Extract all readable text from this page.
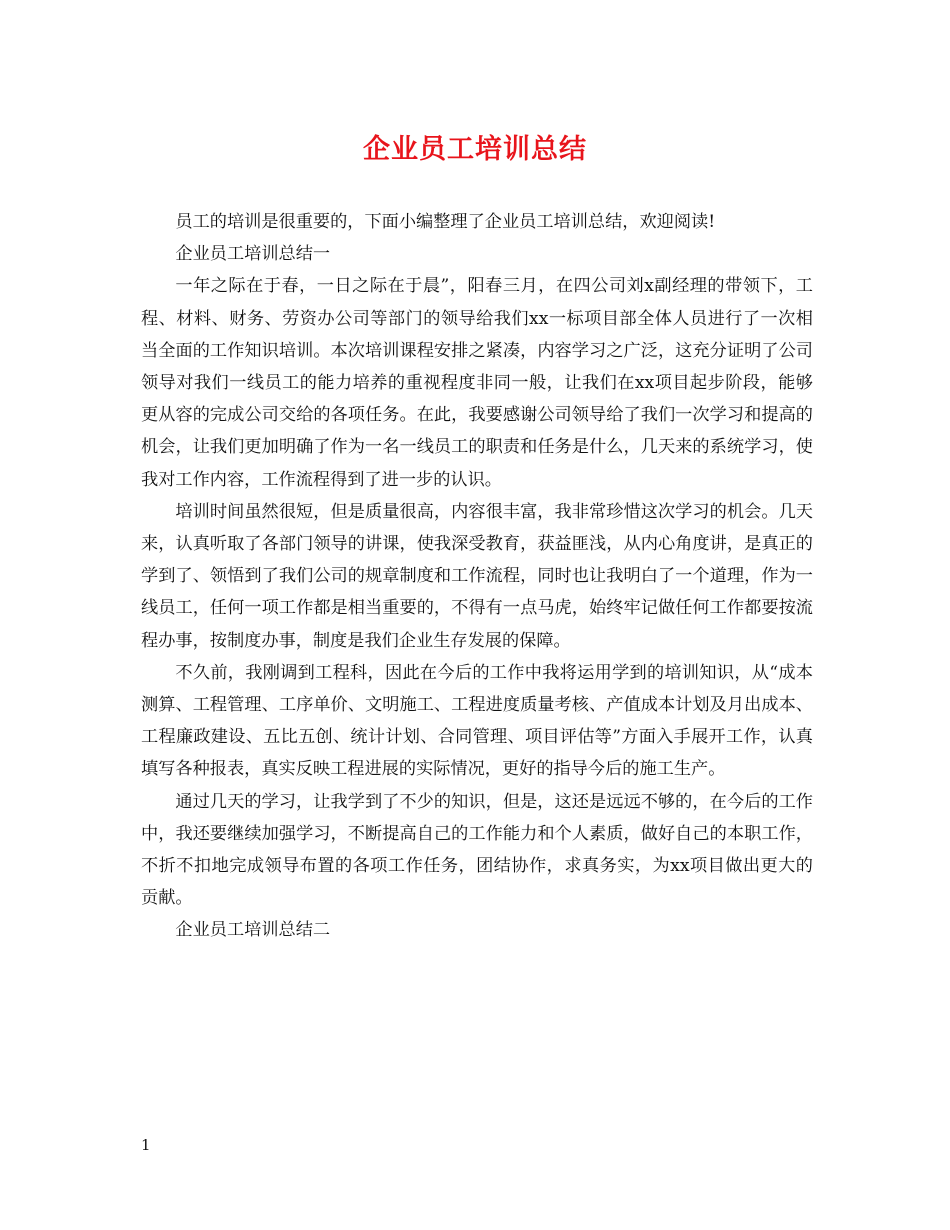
企业员工培训总结

员工的培训是很重要的，下面小编整理了企业员工培训总结，欢迎阅读!

企业员工培训总结一

一年之际在于春，一日之际在于晨”，阳春三月，在四公司刘x副经理的带领下，工程、材料、财务、劳资办公司等部门的领导给我们xx一标项目部全体人员进行了一次相当全面的工作知识培训。本次培训课程安排之紧凑，内容学习之广泛，这充分证明了公司领导对我们一线员工的能力培养的重视程度非同一般，让我们在xx项目起步阶段，能够更从容的完成公司交给的各项任务。在此，我要感谢公司领导给了我们一次学习和提高的机会，让我们更加明确了作为一名一线员工的职责和任务是什么，几天来的系统学习，使我对工作内容，工作流程得到了进一步的认识。

培训时间虽然很短，但是质量很高，内容很丰富，我非常珍惜这次学习的机会。几天来，认真听取了各部门领导的讲课，使我深受教育，获益匪浅，从内心角度讲，是真正的学到了、领悟到了我们公司的规章制度和工作流程，同时也让我明白了一个道理，作为一线员工，任何一项工作都是相当重要的，不得有一点马虎，始终牢记做任何工作都要按流程办事，按制度办事，制度是我们企业生存发展的保障。

不久前，我刚调到工程科，因此在今后的工作中我将运用学到的培训知识，从“成本测算、工程管理、工序单价、文明施工、工程进度质量考核、产值成本计划及月出成本、工程廉政建设、五比五创、统计计划、合同管理、项目评估等”方面入手展开工作，认真填写各种报表，真实反映工程进展的实际情况，更好的指导今后的施工生产。

通过几天的学习，让我学到了不少的知识，但是，这还是远远不够的，在今后的工作中，我还要继续加强学习，不断提高自己的工作能力和个人素质，做好自己的本职工作，不折不扣地完成领导布置的各项工作任务，团结协作，求真务实，为xx项目做出更大的贡献。

企业员工培训总结二

1
